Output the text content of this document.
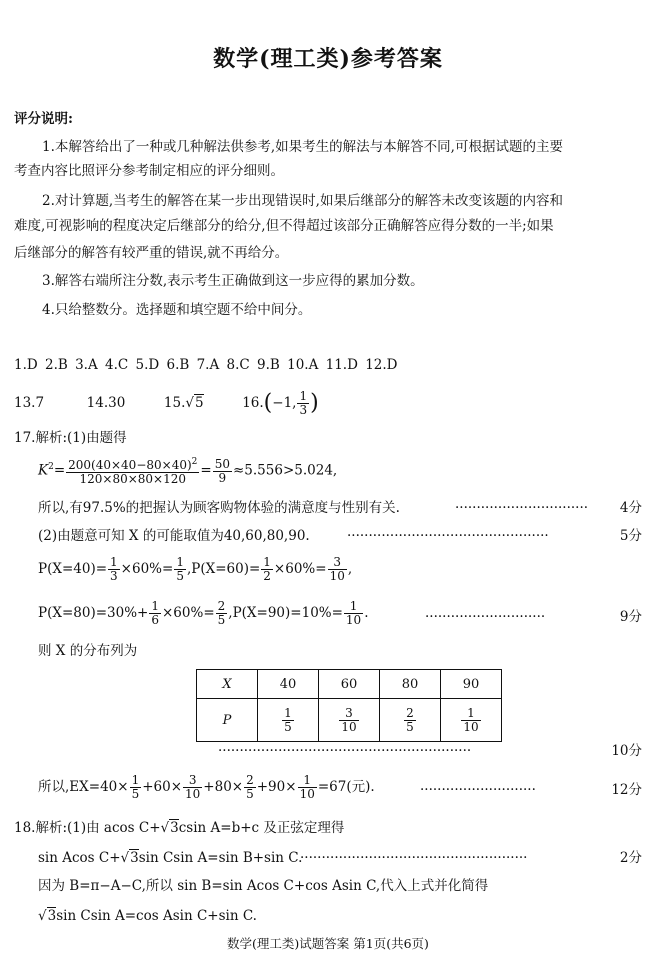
数学(理工类)参考答案
评分说明:
1.本解答给出了一种或几种解法供参考,如果考生的解法与本解答不同,可根据试题的主要
考查内容比照评分参考制定相应的评分细则。
2.对计算题,当考生的解答在某一步出现错误时,如果后继部分的解答未改变该题的内容和
难度,可视影响的程度决定后继部分的给分,但不得超过该部分正确解答应得分数的一半;如果
后继部分的解答有较严重的错误,就不再给分。
3.解答右端所注分数,表示考生正确做到这一步应得的累加分数。
4.只给整数分。选择题和填空题不给中间分。
1.D 2.B 3.A 4.C 5.D 6.B 7.A 8.C 9.B 10.A 11.D 12.D
13.7	14.30	15.√5	16.(−1, $\frac{1}{3}$ )
17.解析:(1)由题得
$K^2= \frac{200(40\times 40-80\times 40)^2}{120\times 80\times 80\times 120} = \frac{50}{9} \approx 5.556>5.024$,
所以,有97.5%的把握认为顾客购物体验的满意度与性别有关.	······························· 4分
(2)由题意可知 X 的可能取值为40,60,80,90.	···············································	5分
$P(X=40)= \frac{1}{3} \times 60\%= \frac{1}{5} ,P(X=60)= \frac{1}{2} \times 60\%= \frac{3}{10}$ ,
$P(X=80)=30\%+ \frac{1}{6} \times 60\%= \frac{2}{5} ,P(X=90)=10\%= \frac{1}{10}$ .	····························	9分
则 X 的分布列为
X	40	60	80	90
P	$\frac{1}{5}$	$\frac{3}{10}$	$\frac{2}{5}$	$\frac{1}{10}$
···························································	10分
所以$,EX=40\times \frac{1}{5} +60\times \frac{3}{10} +80\times \frac{2}{5} +90\times \frac{1}{10} =67$(元).	···························	12分
18.解析:(1)由 acos C+√3csin A=b+c 及正弦定理得
sin Acos C+√3sin Csin A=sin B+sin C.
·····················································	2分
因为 B=π−A−C,所以 sin B=sin Acos C+cos Asin C,代入上式并化简得
√3sin Csin A=cos Asin C+sin C.
数学(理工类)试题答案 第1页(共6页)
